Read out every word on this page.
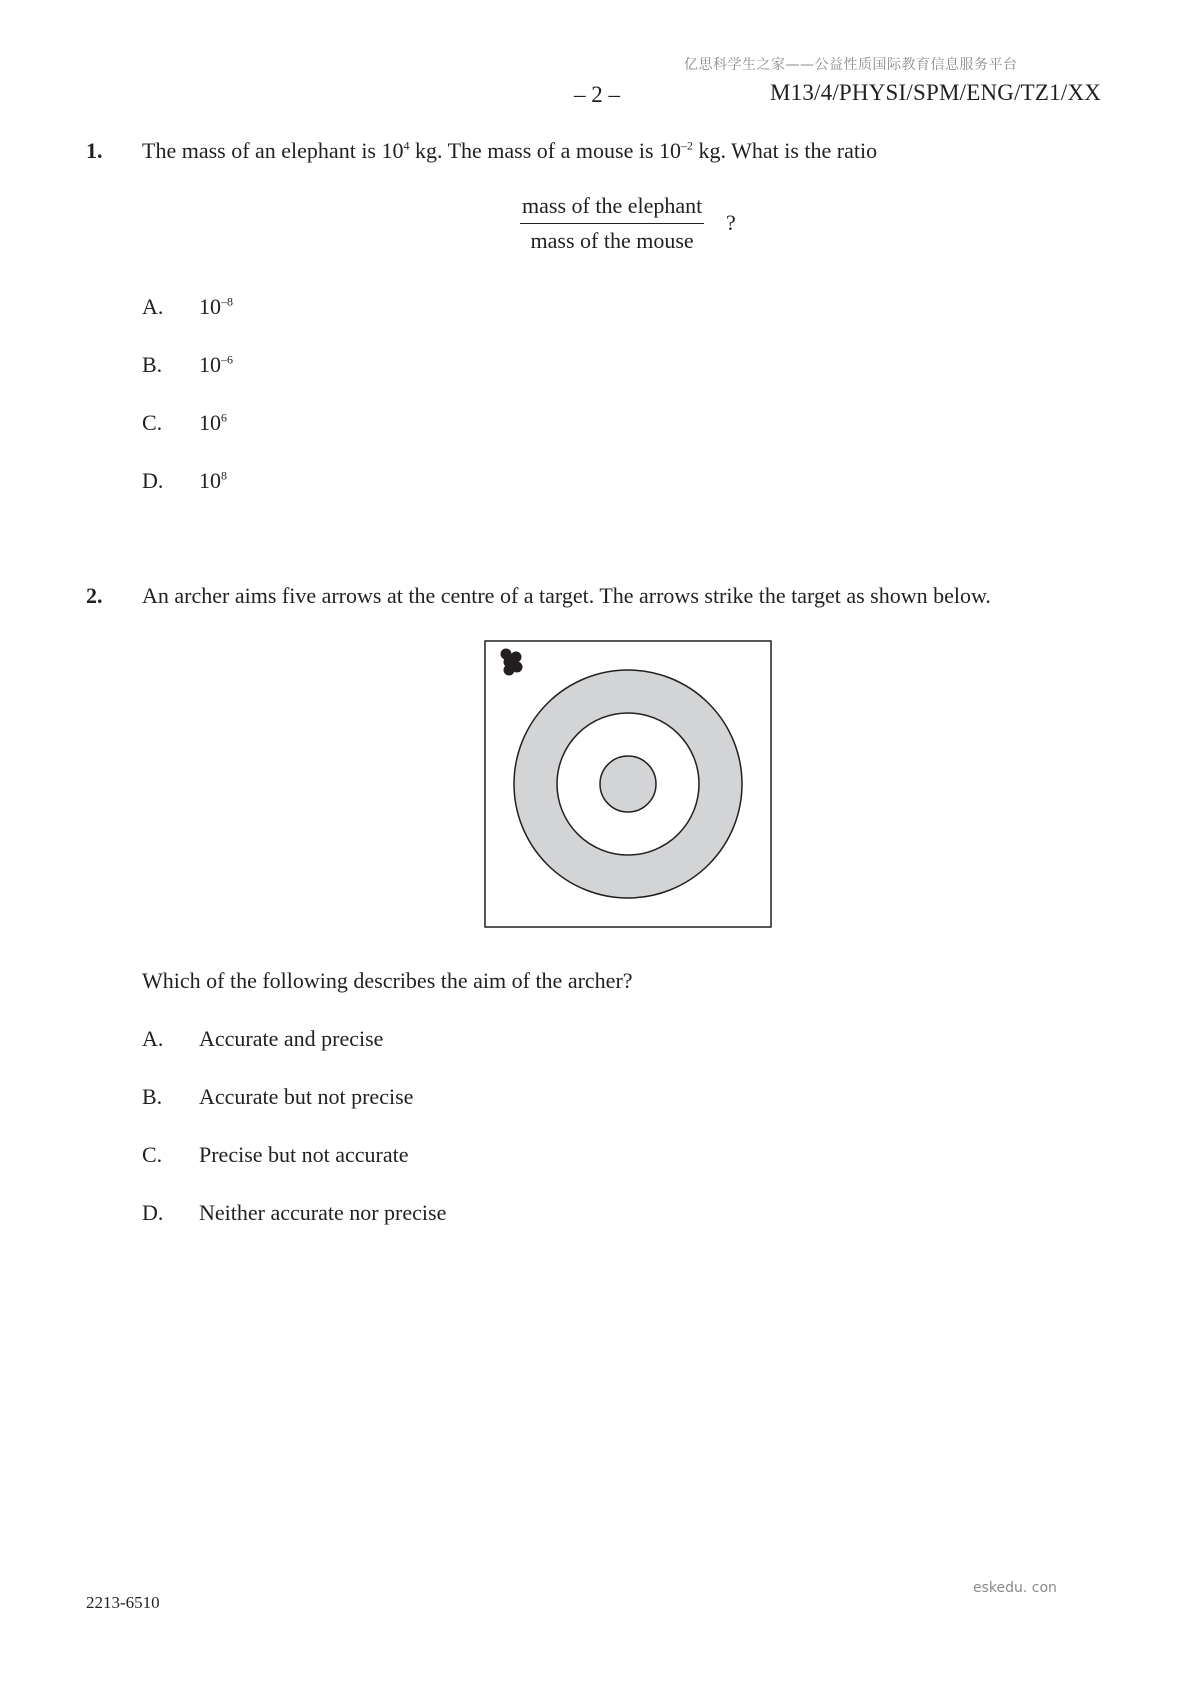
亿思科学生之家——公益性质国际教育信息服务平台
– 2 –	M13/4/PHYSI/SPM/ENG/TZ1/XX
1. The mass of an elephant is $10^4$ kg. The mass of a mouse is $10^{-2}$ kg. What is the ratio
mass of the elephant
mass of the mouse
?
A. $10^{-8}$
B. $10^{-6}$
C. $10^6$
D. $10^8$
2. An archer aims five arrows at the centre of a target. The arrows strike the target as shown below.
Which of the following describes the aim of the archer?
A. Accurate and precise
B. Accurate but not precise
C. Precise but not accurate
D. Neither accurate nor precise
2213-6510
eskedu. con
